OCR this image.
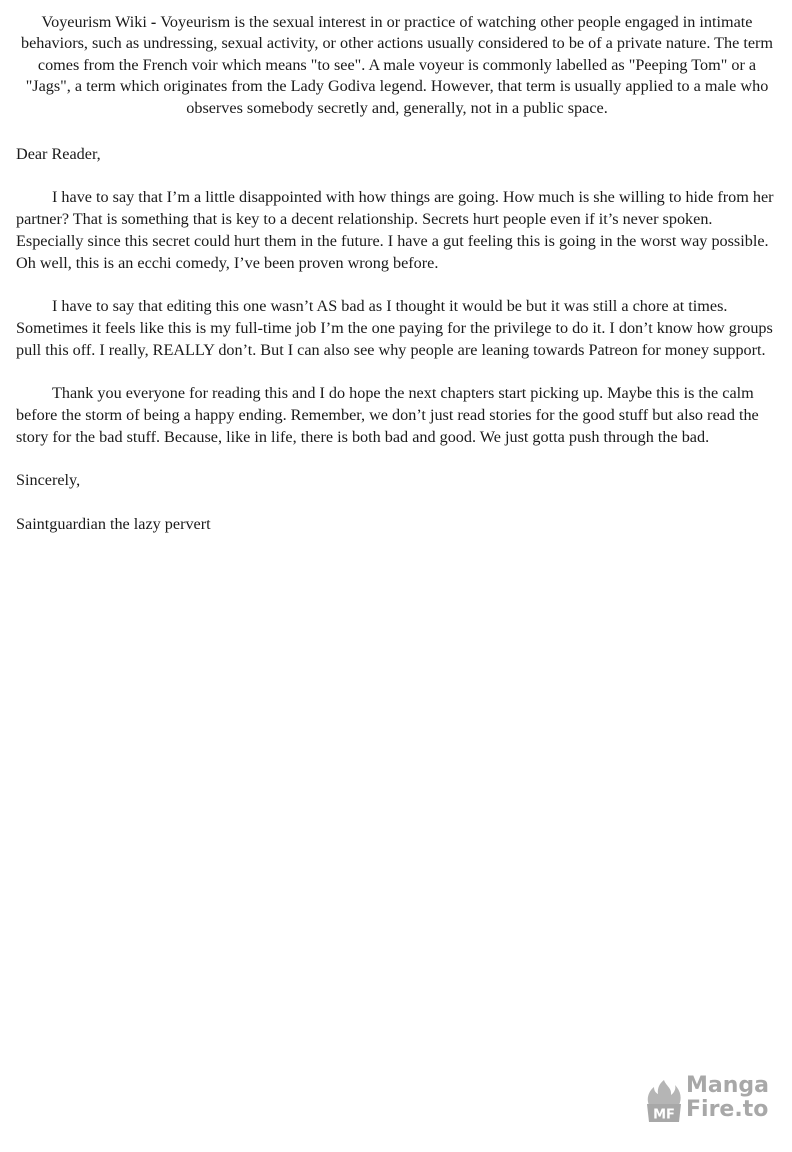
Voyeurism Wiki - Voyeurism is the sexual interest in or practice of watching other people engaged in intimate behaviors, such as undressing, sexual activity, or other actions usually considered to be of a private nature. The term comes from the French voir which means "to see". A male voyeur is commonly labelled as "Peeping Tom" or a "Jags", a term which originates from the Lady Godiva legend. However, that term is usually applied to a male who observes somebody secretly and, generally, not in a public space.

Dear Reader,

I have to say that I’m a little disappointed with how things are going. How much is she willing to hide from her partner? That is something that is key to a decent relationship. Secrets hurt people even if it’s never spoken. Especially since this secret could hurt them in the future. I have a gut feeling this is going in the worst way possible. Oh well, this is an ecchi comedy, I’ve been proven wrong before.

I have to say that editing this one wasn’t AS bad as I thought it would be but it was still a chore at times. Sometimes it feels like this is my full-time job I’m the one paying for the privilege to do it. I don’t know how groups pull this off. I really, REALLY don’t. But I can also see why people are leaning towards Patreon for money support.

Thank you everyone for reading this and I do hope the next chapters start picking up. Maybe this is the calm before the storm of being a happy ending. Remember, we don’t just read stories for the good stuff but also read the story for the bad stuff. Because, like in life, there is both bad and good. We just gotta push through the bad.

Sincerely,

Saintguardian the lazy pervert

MF
Manga
Fire.to
